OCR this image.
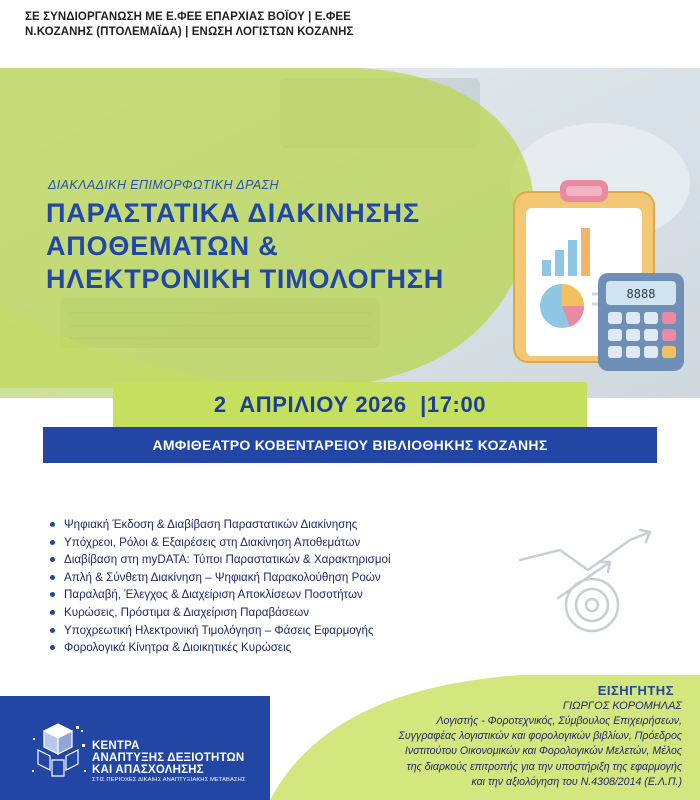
ΣΕ ΣΥΝΔΙΟΡΓΑΝΩΣΗ ΜΕ Ε.ΦΕΕ ΕΠΑΡΧΙΑΣ ΒΟΪΟΥ | Ε.ΦΕΕ
Ν.ΚΟΖΑΝΗΣ (ΠΤΟΛΕΜΑΪΔΑ) | ΕΝΩΣΗ ΛΟΓΙΣΤΩΝ ΚΟΖΑΝΗΣ
8888
ΔΙΑΚΛΑΔΙΚΗ ΕΠΙΜΟΡΦΩΤΙΚΗ ΔΡΑΣΗ
ΠΑΡΑΣΤΑΤΙΚΑ ΔΙΑΚΙΝΗΣΗΣ
ΑΠΟΘΕΜΑΤΩΝ &
ΗΛΕΚΤΡΟΝΙΚΗ ΤΙΜΟΛΟΓΗΣΗ
2  ΑΠΡΙΛΙΟΥ 2026  |17:00
ΑΜΦΙΘΕΑΤΡΟ ΚΟΒΕΝΤΑΡΕΙΟΥ ΒΙΒΛΙΟΘΗΚΗΣ ΚΟΖΑΝΗΣ
Ψηφιακή Έκδοση & Διαβίβαση Παραστατικών Διακίνησης
Υπόχρεοι, Ρόλοι & Εξαιρέσεις στη Διακίνηση Αποθεμάτων
Διαβίβαση στη myDATA: Τύποι Παραστατικών & Χαρακτηρισμοί
Απλή & Σύνθετη Διακίνηση – Ψηφιακή Παρακολούθηση Ροών
Παραλαβή, Έλεγχος & Διαχείριση Αποκλίσεων Ποσοτήτων
Κυρώσεις, Πρόστιμα & Διαχείριση Παραβάσεων
Υποχρεωτική Ηλεκτρονική Τιμολόγηση – Φάσεις Εφαρμογής
Φορολογικά Κίνητρα & Διοικητικές Κυρώσεις
ΕΙΣΗΓΗΤΗΣ
ΓΙΩΡΓΟΣ ΚΟΡΟΜΗΛΑΣ
Λογιστής - Φοροτεχνικός, Σύμβουλος Επιχειρήσεων,
Συγγραφέας λογιστικών και φορολογικών βιβλίων, Πρόεδρος
Ινστιτούτου Οικονομικών και Φορολογικών Μελετών, Μέλος
της διαρκούς επιτροπής για την υποστήριξη της εφαρμογής
και την αξιολόγηση του Ν.4308/2014 (Ε.Λ.Π.)
ΚΕΝΤΡΑ
ΑΝΑΠΤΥΞΗΣ ΔΕΞΙΟΤΗΤΩΝ
ΚΑΙ ΑΠΑΣΧΟΛΗΣΗΣ
ΣΤΙΣ ΠΕΡΙΟΧΕΣ ΔΙΚΑΙΗΣ ΑΝΑΠΤΥΞΙΑΚΗΣ ΜΕΤΑΒΑΣΗΣ
